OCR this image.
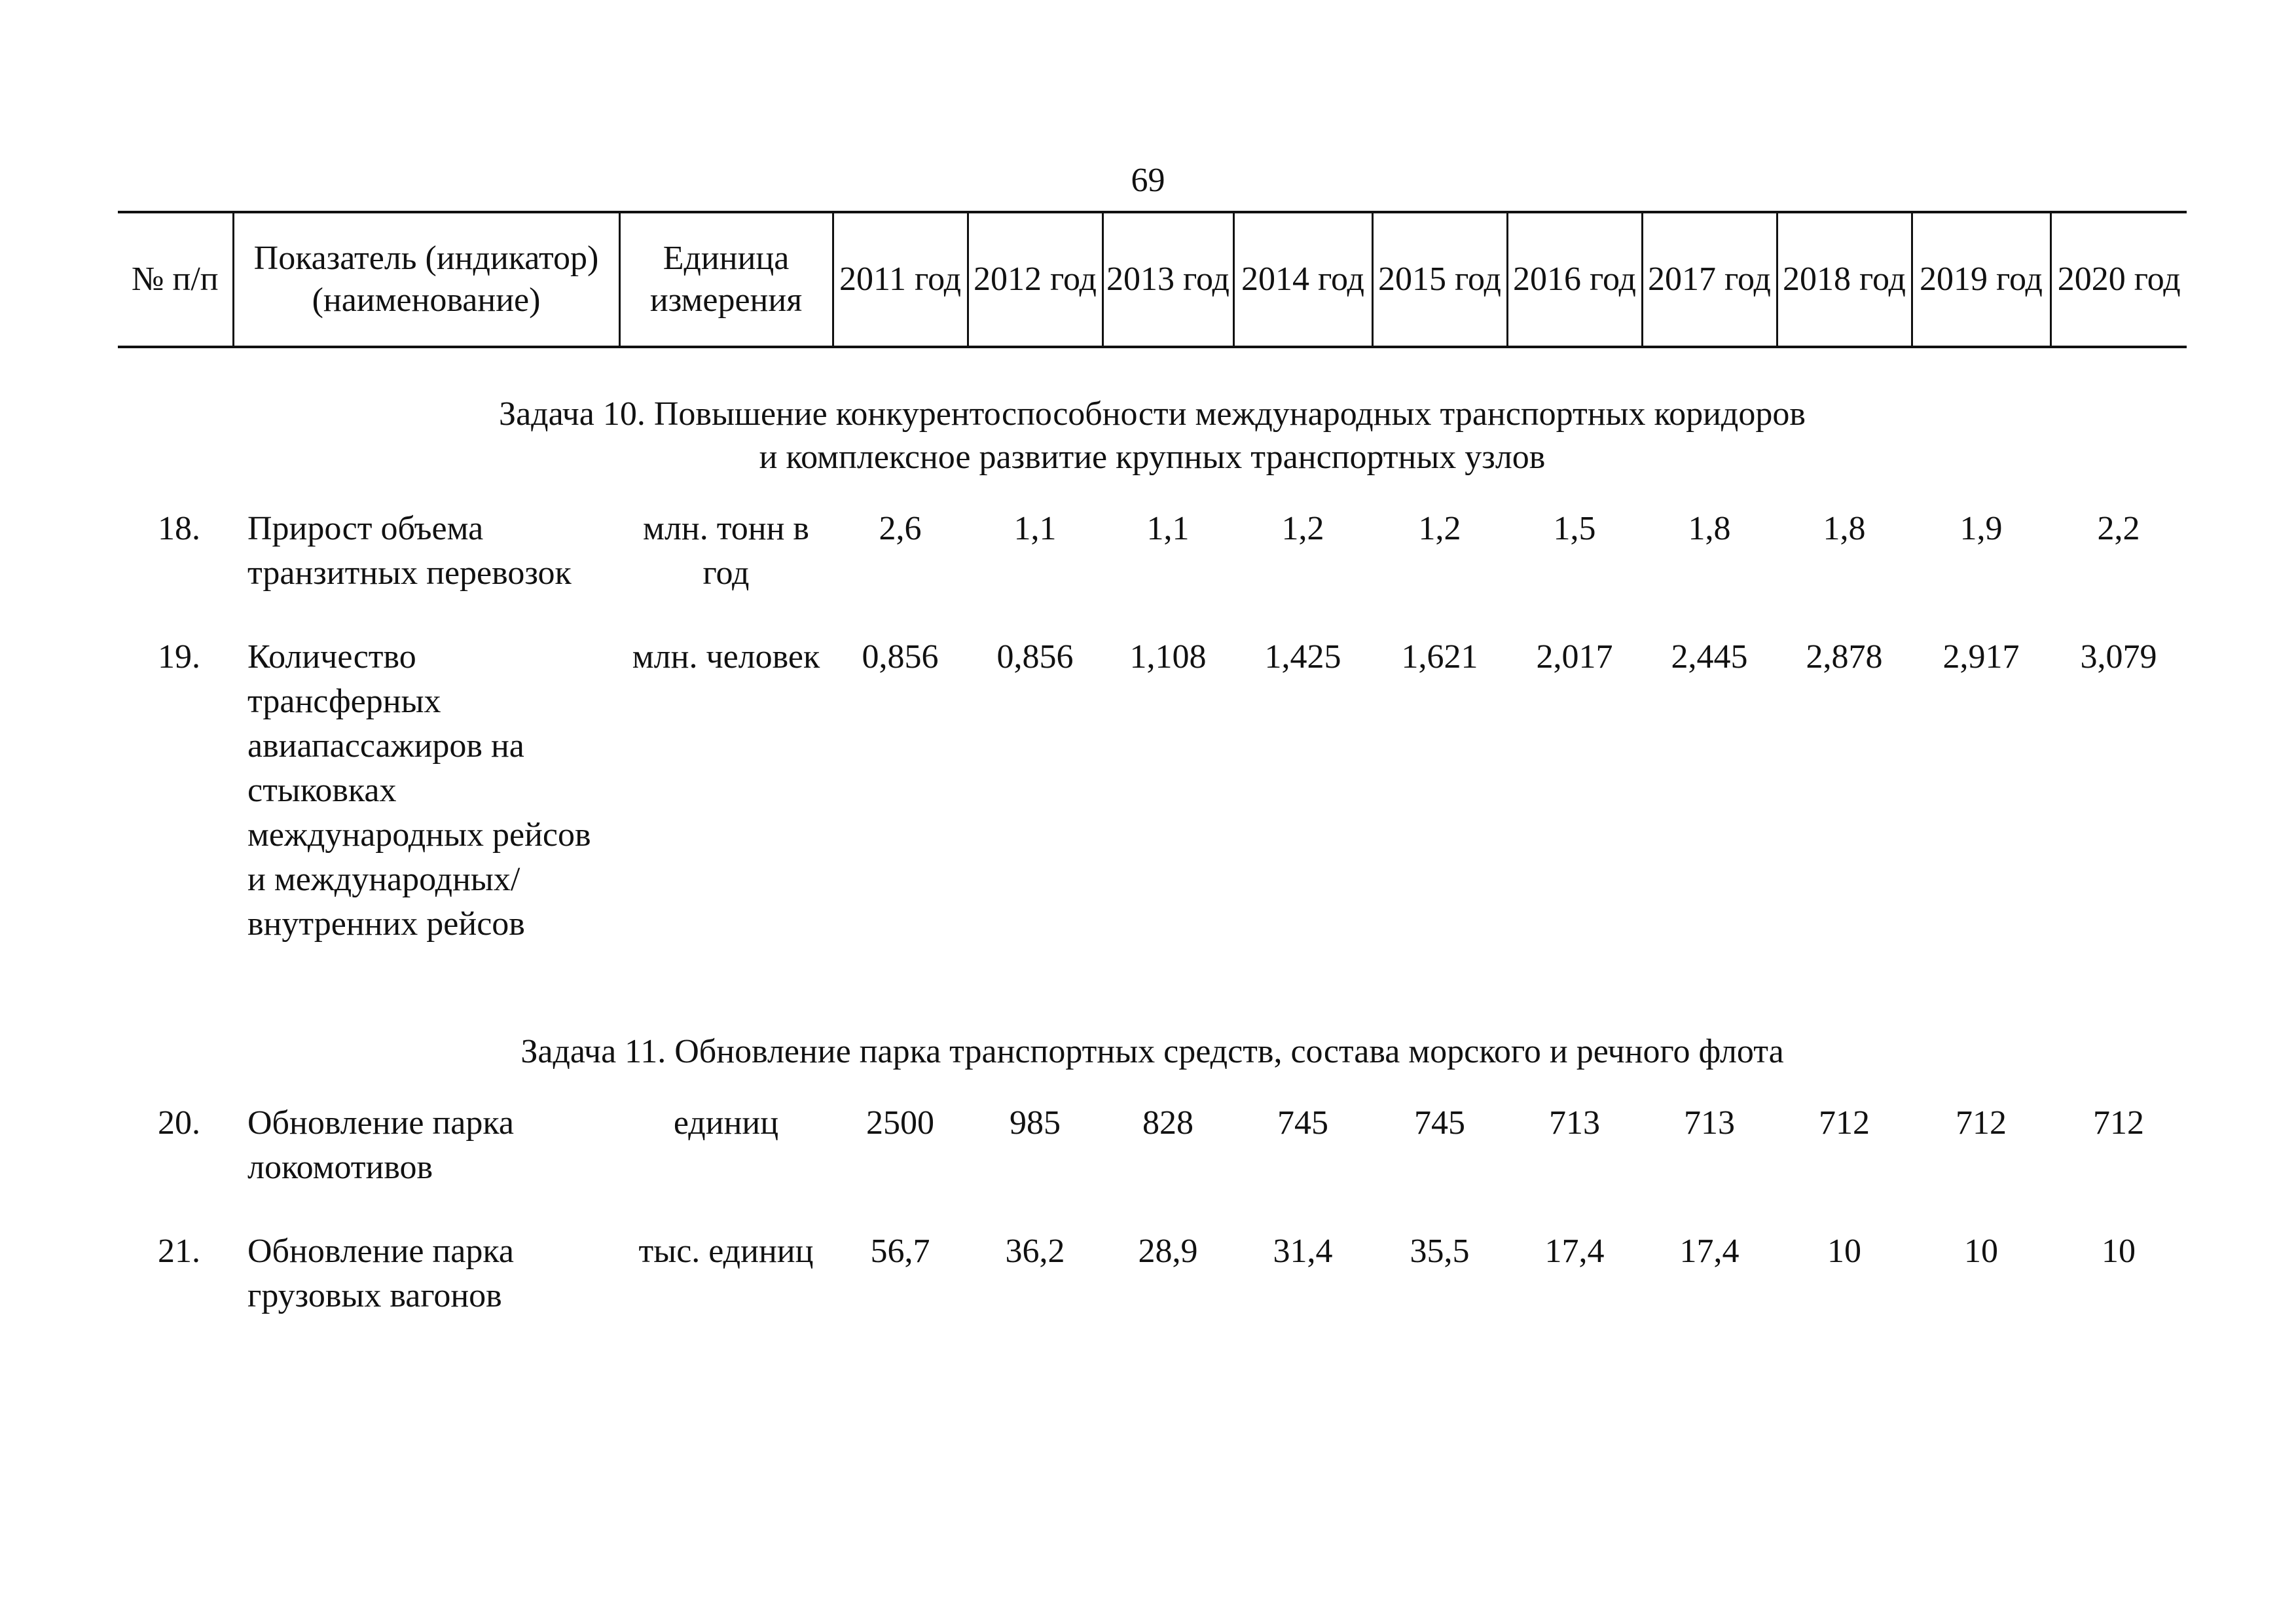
69
№ п/п	Показатель (индикатор) (наименование)	Единица измерения	2011 год	2012 год	2013 год	2014 год	2015 год	2016 год	2017 год	2018 год	2019 год	2020 год

Задача 10. Повышение конкурентоспособности международных транспортных коридоров
и комплексное развитие крупных транспортных узлов												

18.	Прирост объема транзитных перевозок	млн. тонн в год	2,6	1,1	1,1	1,2	1,2	1,5	1,8	1,8	1,9	2,2
19.	Количество трансферных авиапассажиров на стыковках международных рейсов и международных/ внутренних рейсов	млн. человек	0,856	0,856	1,108	1,425	1,621	2,017	2,445	2,878	2,917	3,079

Задача 11. Обновление парка транспортных средств, состава морского и речного флота												

20.	Обновление парка локомотивов	единиц	2500	985	828	745	745	713	713	712	712	712
21.	Обновление парка грузовых вагонов	тыс. единиц	56,7	36,2	28,9	31,4	35,5	17,4	17,4	10	10	10
